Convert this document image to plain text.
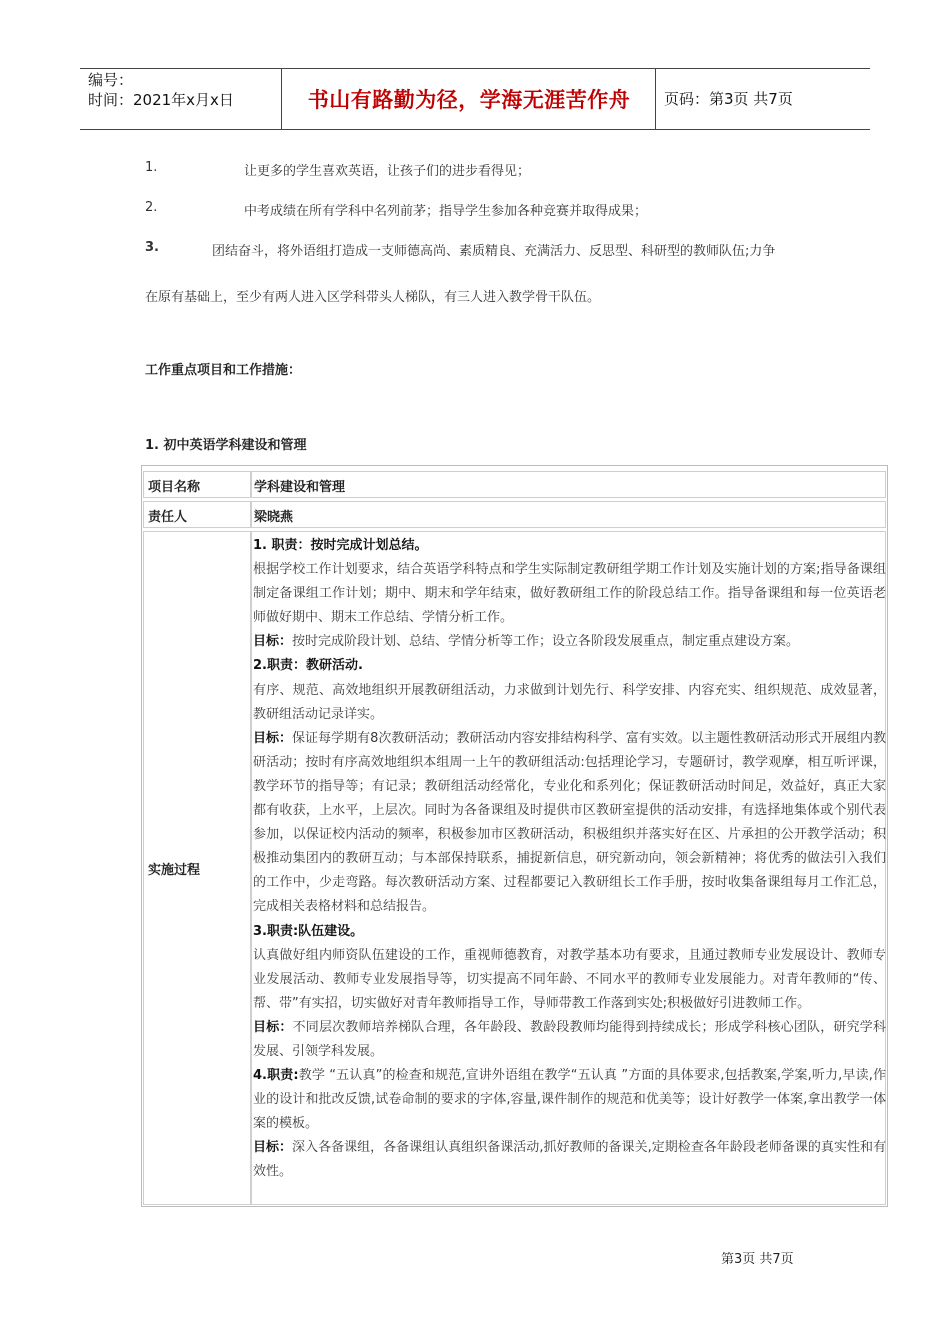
编号：
时间：2021年x月x日	书山有路勤为径，学海无涯苦作舟	页码：第3页 共7页
1.	让更多的学生喜欢英语，让孩子们的进步看得见；
2.	中考成绩在所有学科中名列前茅；指导学生参加各种竞赛并取得成果；
3.	团结奋斗，将外语组打造成一支师德高尚、素质精良、充满活力、反思型、科研型的教师队伍;力争
在原有基础上，至少有两人进入区学科带头人梯队，有三人进入教学骨干队伍。
工作重点项目和工作措施：
1. 初中英语学科建设和管理
项目名称	学科建设和管理
责任人	梁晓燕
实施过程

1. 职责：按时完成计划总结。

根据学校工作计划要求，结合英语学科特点和学生实际制定教研组学期工作计划及实施计划的方案;指导备课组制定备课组工作计划；期中、期末和学年结束，做好教研组工作的阶段总结工作。指导备课组和每一位英语老师做好期中、期末工作总结、学情分析工作。

目标：按时完成阶段计划、总结、学情分析等工作；设立各阶段发展重点，制定重点建设方案。

2.职责：教研活动.

有序、规范、高效地组织开展教研组活动，力求做到计划先行、科学安排、内容充实、组织规范、成效显著，教研组活动记录详实。

目标：保证每学期有8次教研活动；教研活动内容安排结构科学、富有实效。以主题性教研活动形式开展组内教研活动；按时有序高效地组织本组周一上午的教研组活动:包括理论学习，专题研讨，教学观摩，相互听评课，教学环节的指导等；有记录；教研组活动经常化，专业化和系列化；保证教研活动时间足，效益好，真正大家都有收获，上水平，上层次。同时为各备课组及时提供市区教研室提供的活动安排，有选择地集体或个别代表参加，以保证校内活动的频率，积极参加市区教研活动，积极组织并落实好在区、片承担的公开教学活动；积极推动集团内的教研互动；与本部保持联系，捕捉新信息，研究新动向，领会新精神；将优秀的做法引入我们的工作中，少走弯路。每次教研活动方案、过程都要记入教研组长工作手册，按时收集备课组每月工作汇总，完成相关表格材料和总结报告。

3.职责:队伍建设。

认真做好组内师资队伍建设的工作，重视师德教育，对教学基本功有要求，且通过教师专业发展设计、教师专业发展活动、教师专业发展指导等，切实提高不同年龄、不同水平的教师专业发展能力。对青年教师的“传、帮、带”有实招，切实做好对青年教师指导工作，导师带教工作落到实处;积极做好引进教师工作。

目标：不同层次教师培养梯队合理，各年龄段、教龄段教师均能得到持续成长；形成学科核心团队，研究学科发展、引领学科发展。

4.职责:教学 “五认真”的检查和规范,宣讲外语组在教学“五认真 ”方面的具体要求,包括教案,学案,听力,早读,作业的设计和批改反馈,试卷命制的要求的字体,容量,课件制作的规范和优美等；设计好教学一体案,拿出教学一体案的模板。

目标：深入各备课组，各备课组认真组织备课活动,抓好教师的备课关,定期检查各年龄段老师备课的真实性和有效性。

第3页 共7页
